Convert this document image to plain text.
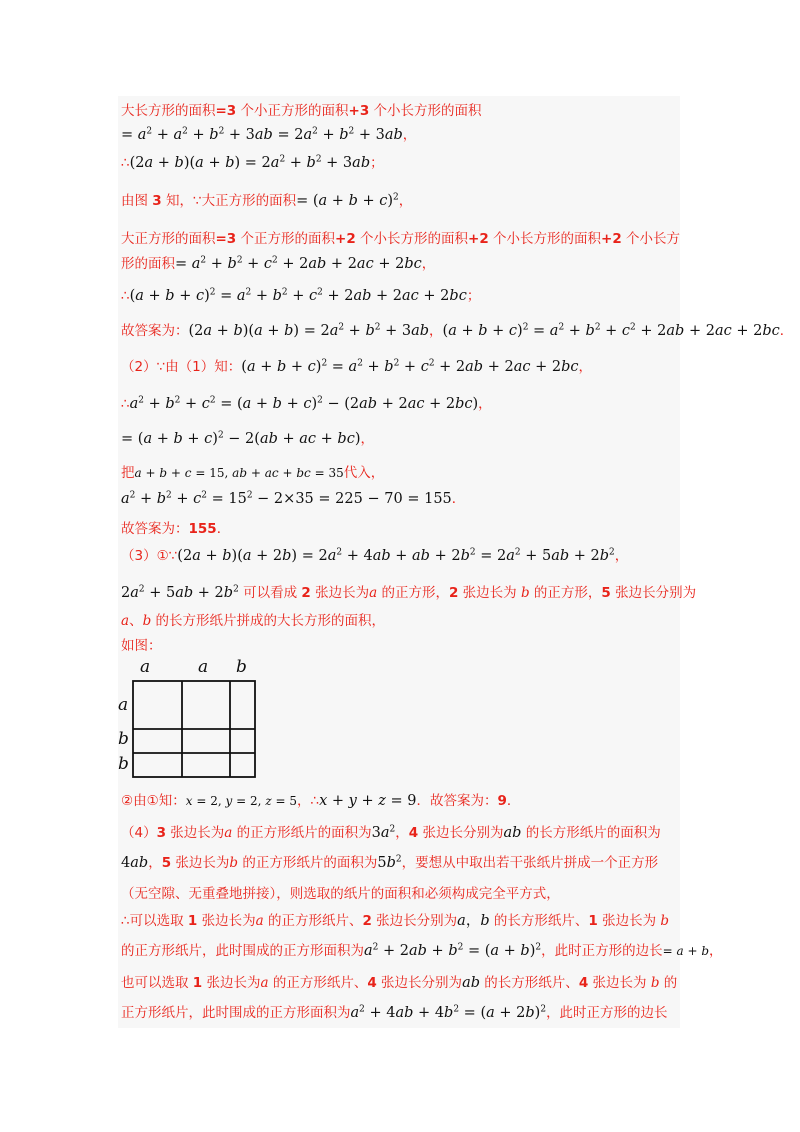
大长方形的面积=3 个小正方形的面积+3 个小长方形的面积
= $a^2 + a^2 + b^2 + 3ab = 2a^2 + b^2 + 3ab$，
∴(2a + $b)(a + b) = 2a^2 + b^2 + 3ab$；
由图 3 知，∵大正方形的面积= $(a + b + c)^2$，
大正方形的面积=3 个正方形的面积+2 个小长方形的面积+2 个小长方形的面积+2 个小长方
形的面积= $a^2 + b^2 + c^2 + 2ab + 2ac + 2bc$，
∴(a + $b + c)^2 = a^2 + b^2 + c^2 + 2ab + 2ac + 2bc$；
故答案为：$(2a + b)(a + b) = 2a^2 + b^2 + 3ab$，$(a + b + c)^2 = a^2 + b^2 + c^2 + 2ab + 2ac + 2bc$．
（2）∵由（1）知：$(a + b + c)^2 = a^2 + b^2 + c^2 + 2ab + 2ac + 2bc$，
$\therefore a^2 + b^2 + c^2 = (a + b + c)^2 - (2ab + 2ac + 2bc)$，
= $(a + b + c)^2 - 2(ab$ + ac + bc)，
把a + b + c = 15, ab + ac + bc = 35代入，
$a^2 + b^2 + c^2 = 15^2 - 2\times 35 = 225 - 70 = 155$．
故答案为：155．
（3）①∵(2a + $b)(a + 2b) = 2a^2 + 4ab$ + ab + $2b^2 = 2a^2 + 5ab + 2b^2$，
$2a^2 + 5ab + 2b^2$ 可以看成 2 张边长为a 的正方形，2 张边长为 b 的正方形，5 张边长分别为
a、b 的长方形纸片拼成的大长方形的面积，
如图：
②由①知：x = 2, y = 2, z = 5，∴x + y + z = 9．故答案为：9．
（4）3 张边长为a 的正方形纸片的面积为$3a^2$，4 张边长分别为ab 的长方形纸片的面积为
4ab，5 张边长为b 的正方形纸片的面积为$5b^2$，要想从中取出若干张纸片拼成一个正方形
（无空隙、无重叠地拼接），则选取的纸片的面积和必须构成完全平方式，
∴可以选取 1 张边长为a 的正方形纸片、2 张边长分别为a，b 的长方形纸片、1 张边长为 b
的正方形纸片，此时围成的正方形面积为$a^2 + 2ab + b^2 = (a + b)^2$，此时正方形的边长= a + b，
也可以选取 1 张边长为a 的正方形纸片、4 张边长分别为ab 的长方形纸片、4 张边长为 b 的
正方形纸片，此时围成的正方形面积为$a^2 + 4ab + 4b^2 = (a + 2b)^2$，此时正方形的边长
a	a b
a
b
b
